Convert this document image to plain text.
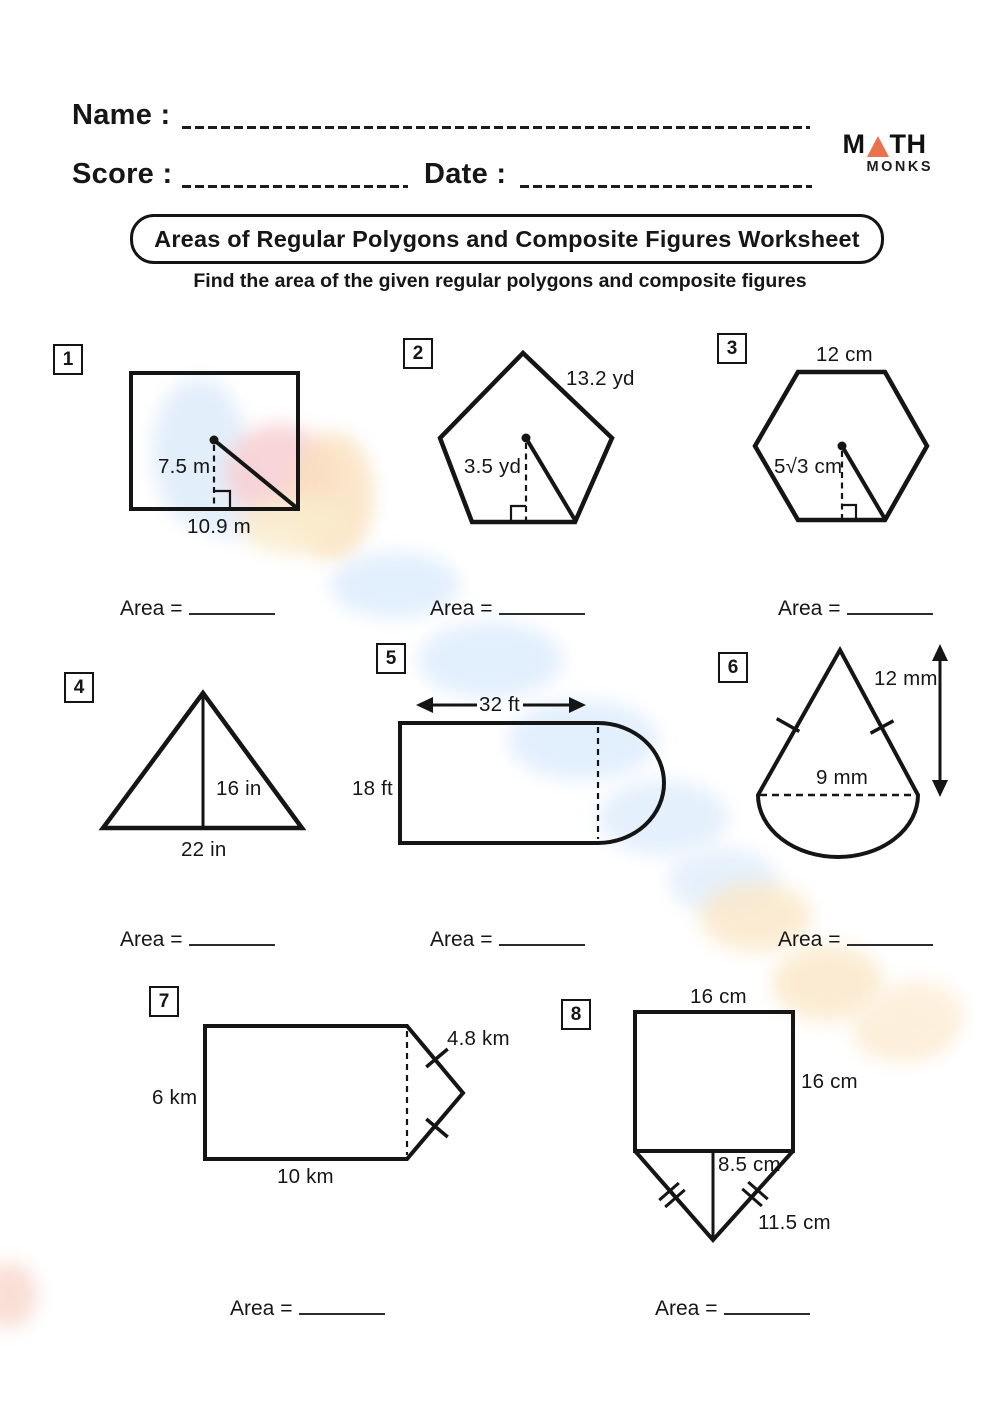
Name :
Score :	Date :
M TH
MONKS
Areas of Regular Polygons and Composite Figures Worksheet
Find the area of the given regular polygons and composite figures
1	2	3
4
5	6
7
8
7.5 m
10.9 m
13.2 yd
3.5 yd
12 cm
5√3 cm
16 in
22 in
32 ft
18 ft
12 mm
9 mm
6 km
10 km
4.8 km
16 cm
16 cm
8.5 cm
11.5 cm
Area =	Area =	Area =
Area =	Area =	Area =
Area =	Area =
